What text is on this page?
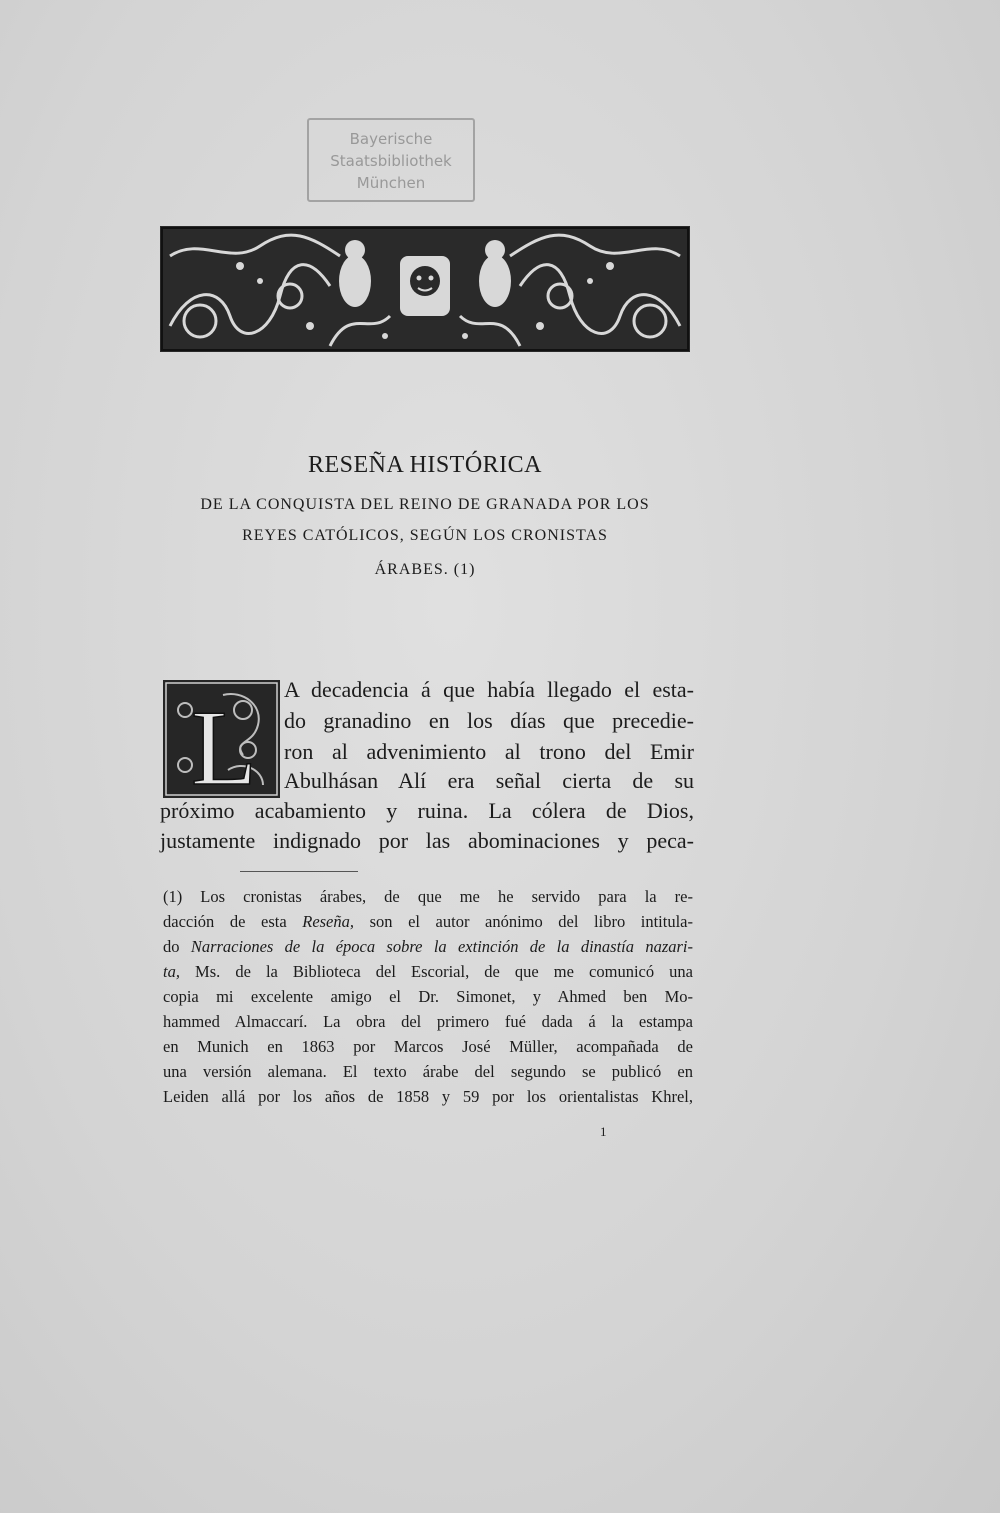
Bayerische
Staatsbibliothek
München
RESEÑA HISTÓRICA
DE LA CONQUISTA DEL REINO DE GRANADA POR LOS
REYES CATÓLICOS, SEGÚN LOS CRONISTAS
ÁRABES. (1)
L A decadencia á que había llegado el esta-
do granadino en los días que precedie-
ron al advenimiento al trono del Emir
Abulhásan Alí era señal cierta de su
próximo acabamiento y ruina. La cólera de Dios,
justamente indignado por las abominaciones y peca-
(1) Los cronistas árabes, de que me he servido para la re-
dacción de esta Reseña, son el autor anónimo del libro intitula-
do Narraciones de la época sobre la extinción de la dinastía nazari-
ta, Ms. de la Biblioteca del Escorial, de que me comunicó una
copia mi excelente amigo el Dr. Simonet, y Ahmed ben Mo-
hammed Almaccarí. La obra del primero fué dada á la estampa
en Munich en 1863 por Marcos José Müller, acompañada de
una versión alemana. El texto árabe del segundo se publicó en
Leiden allá por los años de 1858 y 59 por los orientalistas Khrel,
1
